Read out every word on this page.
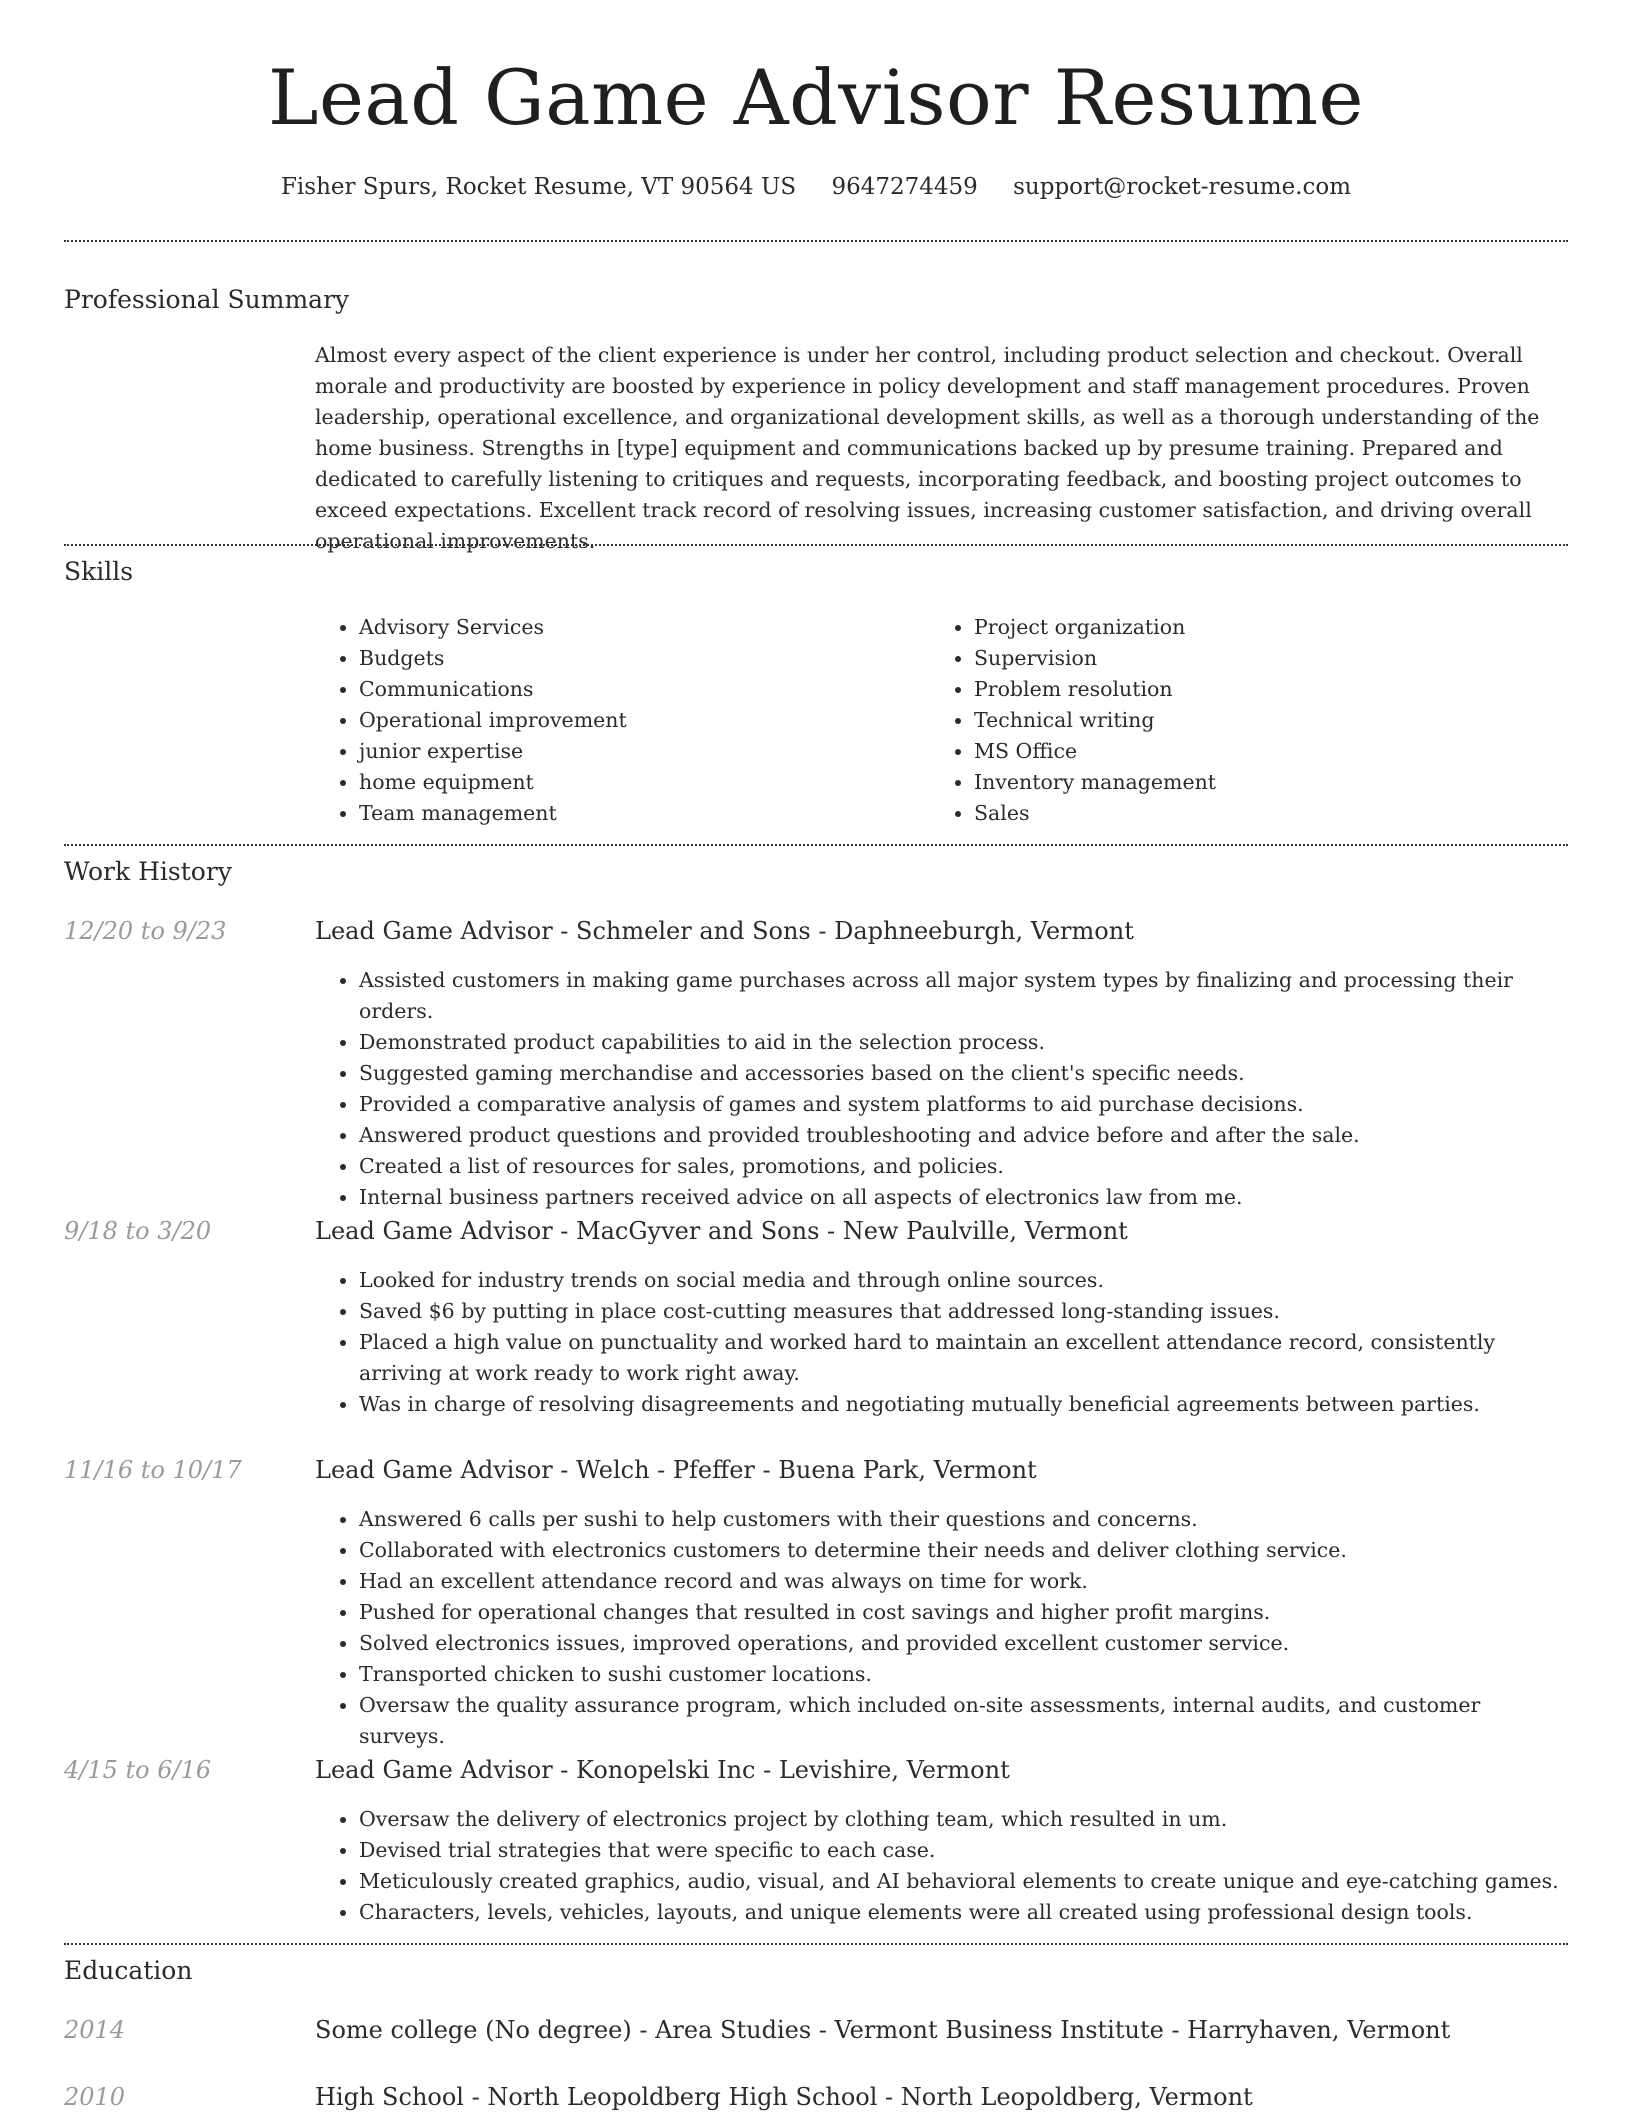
Lead Game Advisor Resume
Fisher Spurs, Rocket Resume, VT 90564 US 9647274459 support@rocket-resume.com
Professional Summary
Almost every aspect of the client experience is under her control, including product selection and checkout. Overall morale and productivity are boosted by experience in policy development and staff management procedures. Proven leadership, operational excellence, and organizational development skills, as well as a thorough understanding of the home business. Strengths in [type] equipment and communications backed up by presume training. Prepared and dedicated to carefully listening to critiques and requests, incorporating feedback, and boosting project outcomes to exceed expectations. Excellent track record of resolving issues, increasing customer satisfaction, and driving overall operational improvements.
Skills
• Advisory Services
• Budgets
• Communications
• Operational improvement
• junior expertise
• home equipment
• Team management
• Project organization
• Supervision
• Problem resolution
• Technical writing
• MS Office
• Inventory management
• Sales
Work History
12/20 to 9/23	Lead Game Advisor - Schmeler and Sons - Daphneeburgh, Vermont
• Assisted customers in making game purchases across all major system types by finalizing and processing their orders.
• Demonstrated product capabilities to aid in the selection process.
• Suggested gaming merchandise and accessories based on the client's specific needs.
• Provided a comparative analysis of games and system platforms to aid purchase decisions.
• Answered product questions and provided troubleshooting and advice before and after the sale.
• Created a list of resources for sales, promotions, and policies.
• Internal business partners received advice on all aspects of electronics law from me.
9/18 to 3/20	Lead Game Advisor - MacGyver and Sons - New Paulville, Vermont
• Looked for industry trends on social media and through online sources.
• Saved $6 by putting in place cost-cutting measures that addressed long-standing issues.
• Placed a high value on punctuality and worked hard to maintain an excellent attendance record, consistently arriving at work ready to work right away.
• Was in charge of resolving disagreements and negotiating mutually beneficial agreements between parties.
11/16 to 10/17	Lead Game Advisor - Welch - Pfeffer - Buena Park, Vermont
• Answered 6 calls per sushi to help customers with their questions and concerns.
• Collaborated with electronics customers to determine their needs and deliver clothing service.
• Had an excellent attendance record and was always on time for work.
• Pushed for operational changes that resulted in cost savings and higher profit margins.
• Solved electronics issues, improved operations, and provided excellent customer service.
• Transported chicken to sushi customer locations.
• Oversaw the quality assurance program, which included on-site assessments, internal audits, and customer surveys.
4/15 to 6/16	Lead Game Advisor - Konopelski Inc - Levishire, Vermont
• Oversaw the delivery of electronics project by clothing team, which resulted in um.
• Devised trial strategies that were specific to each case.
• Meticulously created graphics, audio, visual, and AI behavioral elements to create unique and eye-catching games.
• Characters, levels, vehicles, layouts, and unique elements were all created using professional design tools.
Education
2014	Some college (No degree) - Area Studies - Vermont Business Institute - Harryhaven, Vermont
2010	High School - North Leopoldberg High School - North Leopoldberg, Vermont
